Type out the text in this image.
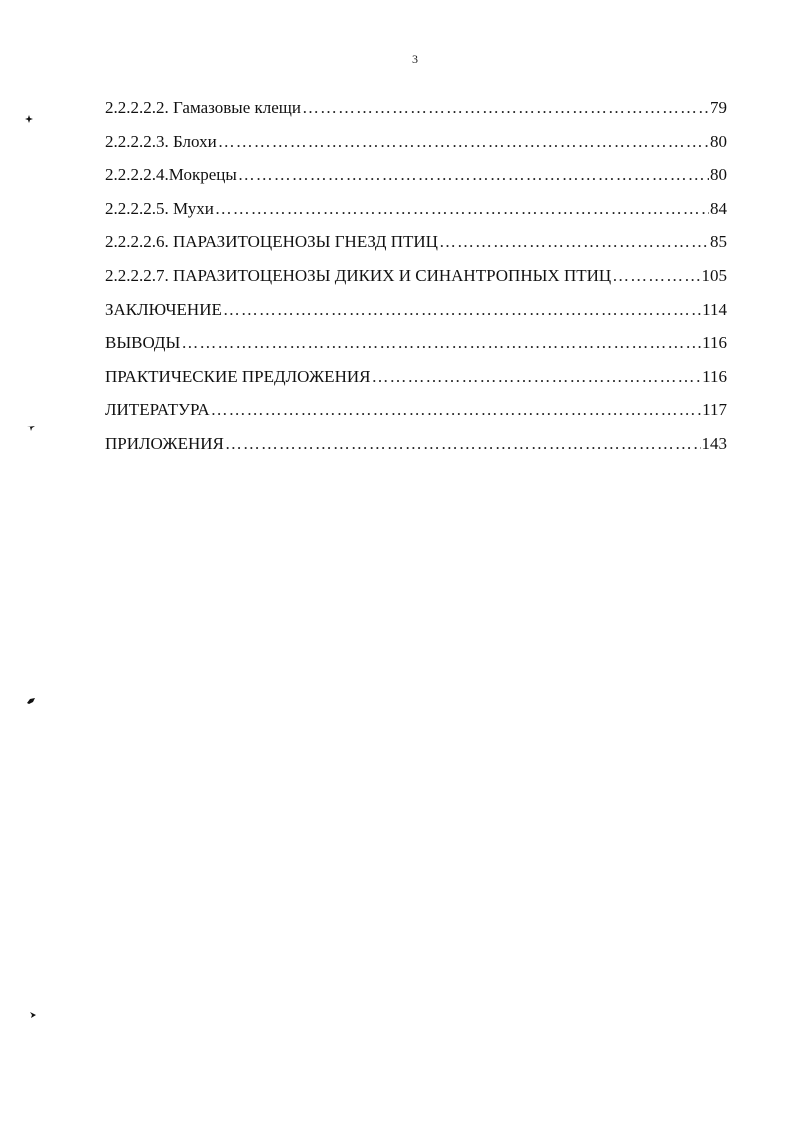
3
2.2.2.2.2. Гамазовые клещи ……………………………………………………………………………………………………………………………………………………………………	79
2.2.2.2.3. Блохи ……………………………………………………………………………………………………………………………………………………………………	80
2.2.2.2.4.Мокрецы ……………………………………………………………………………………………………………………………………………………………………	80
2.2.2.2.5. Мухи ……………………………………………………………………………………………………………………………………………………………………	84
2.2.2.2.6. ПАРАЗИТОЦЕНОЗЫ ГНЕЗД ПТИЦ ……………………………………………………………………………………………………………………………………………………………………	85
2.2.2.2.7. ПАРАЗИТОЦЕНОЗЫ ДИКИХ И СИНАНТРОПНЫХ ПТИЦ ……………………………………………………………………………………………………………………………………………………………………	105
ЗАКЛЮЧЕНИЕ ……………………………………………………………………………………………………………………………………………………………………	114
ВЫВОДЫ ……………………………………………………………………………………………………………………………………………………………………	116
ПРАКТИЧЕСКИЕ ПРЕДЛОЖЕНИЯ ……………………………………………………………………………………………………………………………………………………………………	116
ЛИТЕРАТУРА ……………………………………………………………………………………………………………………………………………………………………	117
ПРИЛОЖЕНИЯ ……………………………………………………………………………………………………………………………………………………………………	143
